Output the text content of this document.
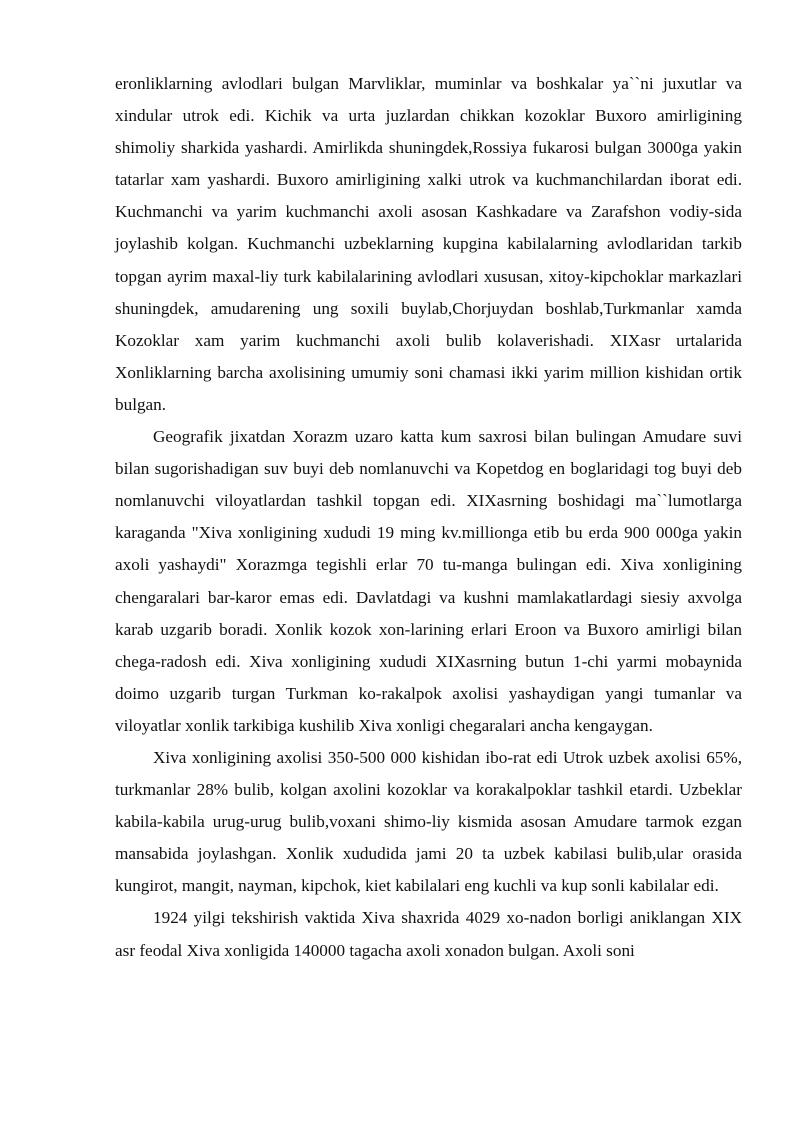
eronliklarning avlodlari bulgan Marvliklar, muminlar va boshkalar ya``ni juxutlar va xindular utrok edi. Kichik va urta juzlardan chikkan kozoklar Buxoro amirligining shimoliy sharkida yashardi. Amirlikda shuningdek,Rossiya fukarosi bulgan 3000ga yakin tatarlar xam yashardi. Buxoro amirligining xalki utrok va kuchmanchilardan iborat edi. Kuchmanchi va yarim kuchmanchi axoli asosan Kashkadare va Zarafshon vodiy-sida joylashib kolgan. Kuchmanchi uzbeklarning kupgina kabilalarning avlodlaridan tarkib topgan ayrim maxal-liy turk kabilalarining avlodlari xususan, xitoy-kipchoklar markazlari shuningdek, amudarening ung soxili buylab,Chorjuydan boshlab,Turkmanlar xamda Kozoklar xam yarim kuchmanchi axoli bulib kolaverishadi. XIXasr urtalarida Xonliklarning barcha axolisining umumiy soni chamasi ikki yarim million kishidan ortik bulgan.

Geografik jixatdan Xorazm uzaro katta kum saxrosi bilan bulingan Amudare suvi bilan sugorishadigan suv buyi deb nomlanuvchi va Kopetdog en boglaridagi tog buyi deb nomlanuvchi viloyatlardan tashkil topgan edi. XIXasrning boshidagi ma``lumotlarga karaganda "Xiva xonligining xududi 19 ming kv.millionga etib bu erda 900 000ga yakin axoli yashaydi" Xorazmga tegishli erlar 70 tu-manga bulingan edi. Xiva xonligining chengaralari bar-karor emas edi. Davlatdagi va kushni mamlakatlardagi siesiy axvolga karab uzgarib boradi. Xonlik kozok xon-larining erlari Eroon va Buxoro amirligi bilan chega-radosh edi. Xiva xonligining xududi XIXasrning butun 1-chi yarmi mobaynida doimo uzgarib turgan Turkman ko-rakalpok axolisi yashaydigan yangi tumanlar va viloyatlar xonlik tarkibiga kushilib Xiva xonligi chegaralari ancha kengaygan.

Xiva xonligining axolisi 350-500 000 kishidan ibo-rat edi Utrok uzbek axolisi 65%, turkmanlar 28% bulib, kolgan axolini kozoklar va korakalpoklar tashkil etardi. Uzbeklar kabila-kabila urug-urug bulib,voxani shimo-liy kismida asosan Amudare tarmok ezgan mansabida joylashgan. Xonlik xududida jami 20 ta uzbek kabilasi bulib,ular orasida kungirot, mangit, nayman, kipchok, kiet kabilalari eng kuchli va kup sonli kabilalar edi.

1924 yilgi tekshirish vaktida Xiva shaxrida 4029 xo-nadon borligi aniklangan XIX asr feodal Xiva xonligida 140000 tagacha axoli xonadon bulgan. Axoli soni
